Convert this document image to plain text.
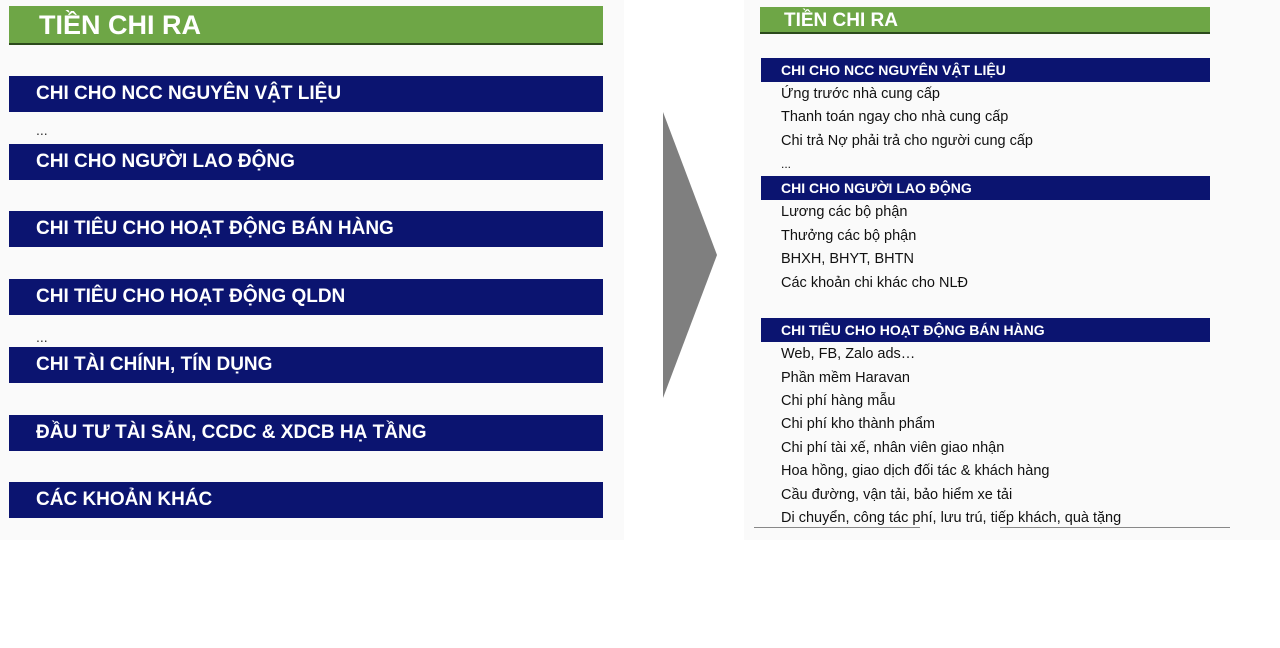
TIỀN CHI RA
CHI CHO NCC NGUYÊN VẬT LIỆU
...
CHI CHO NGƯỜI LAO ĐỘNG
CHI TIÊU CHO HOẠT ĐỘNG BÁN HÀNG
CHI TIÊU CHO HOẠT ĐỘNG QLDN
...
CHI TÀI CHÍNH, TÍN DỤNG
ĐẦU TƯ TÀI SẢN, CCDC & XDCB HẠ TẦNG
CÁC KHOẢN KHÁC
TIỀN CHI RA
CHI CHO NCC NGUYÊN VẬT LIỆU
Ứng trước nhà cung cấp
Thanh toán ngay cho nhà cung cấp
Chi trả Nợ phải trả cho người cung cấp
...
CHI CHO NGƯỜI LAO ĐỘNG
Lương các bộ phận
Thưởng các bộ phận
BHXH, BHYT, BHTN
Các khoản chi khác cho NLĐ
CHI TIÊU CHO HOẠT ĐỘNG BÁN HÀNG
Web, FB, Zalo ads…
Phần mềm Haravan
Chi phí hàng mẫu
Chi phí kho thành phẩm
Chi phí tài xế, nhân viên giao nhận
Hoa hồng, giao dịch đối tác & khách hàng
Cầu đường, vận tải, bảo hiểm xe tải
Di chuyển, công tác phí, lưu trú, tiếp khách, quà tặng
